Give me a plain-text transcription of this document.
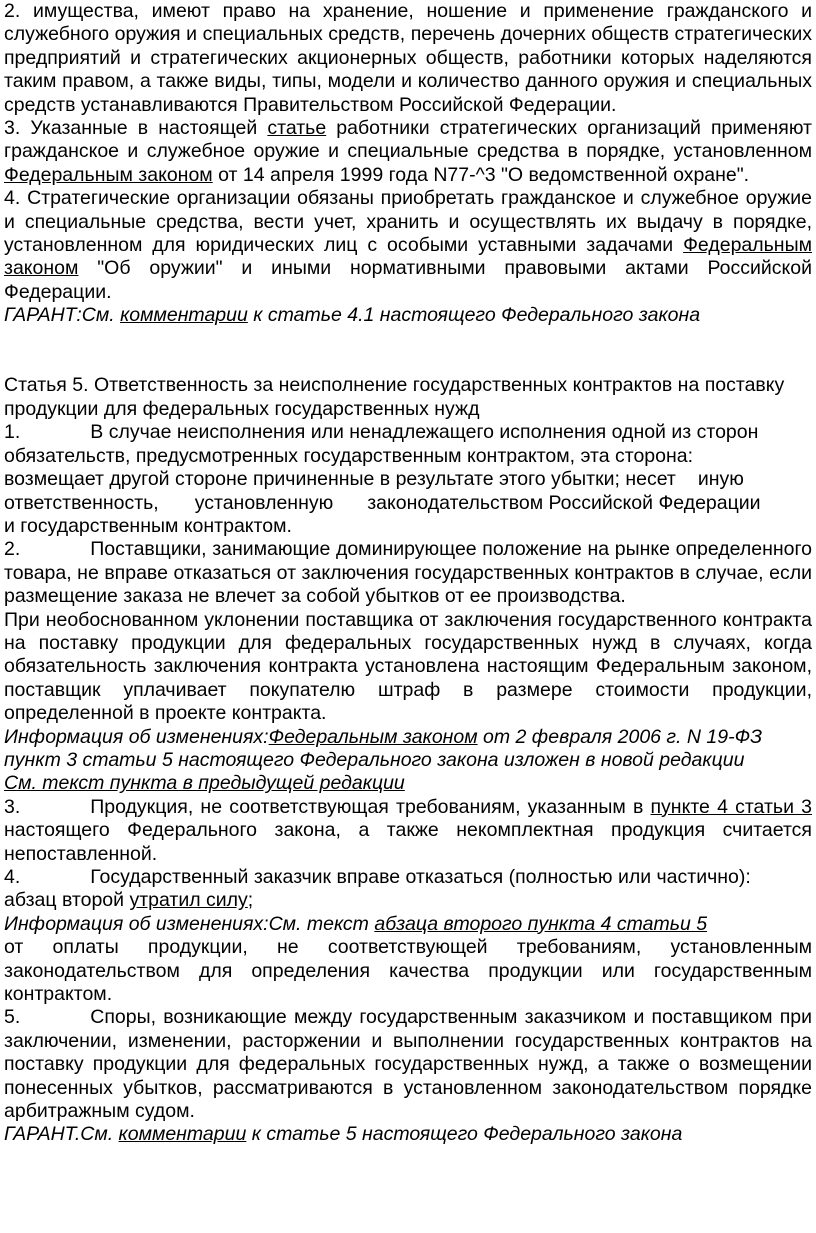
2. имущества, имеют право на хранение, ношение и применение гражданского и служебного оружия и специальных средств, перечень дочерних обществ стратегических предприятий и стратегических акционерных обществ, работники которых наделяются таким правом, а также виды, типы, модели и количество данного оружия и специальных средств устанавливаются Правительством Российской Федерации.

3. Указанные в настоящей статье работники стратегических организаций применяют гражданское и служебное оружие и специальные средства в порядке, установленном Федеральным законом от 14 апреля 1999 года N77-^3 "О ведомственной охране".

4. Стратегические организации обязаны приобретать гражданское и служебное оружие и специальные средства, вести учет, хранить и осуществлять их выдачу в порядке, установленном для юридических лиц с особыми уставными задачами Федеральным законом "Об оружии" и иными нормативными правовыми актами Российской Федерации.

ГАРАНТ:См. комментарии к статье 4.1 настоящего Федерального закона

Статья 5. Ответственность за неисполнение государственных контрактов на поставку продукции для федеральных государственных нужд

1.	В случае неисполнения или ненадлежащего исполнения одной из сторон обязательств, предусмотренных государственным контрактом, эта сторона:

возмещает другой стороне причиненные в результате этого убытки; несет иную

ответственность, установленную законодательством Российской Федерации

и государственным контрактом.

2.	Поставщики, занимающие доминирующее положение на рынке определенного товара, не вправе отказаться от заключения государственных контрактов в случае, если размещение заказа не влечет за собой убытков от ее производства.

При необоснованном уклонении поставщика от заключения государственного контракта на поставку продукции для федеральных государственных нужд в случаях, когда обязательность заключения контракта установлена настоящим Федеральным законом, поставщик уплачивает покупателю штраф в размере стоимости продукции, определенной в проекте контракта.

Информация об изменениях:Федеральным законом от 2 февраля 2006 г. N 19-ФЗ пункт 3 статьи 5 настоящего Федерального закона изложен в новой редакции
См. текст пункта в предыдущей редакции

3.	Продукция, не соответствующая требованиям, указанным в пункте 4 статьи 3 настоящего Федерального закона, а также некомплектная продукция считается непоставленной.

4.	Государственный заказчик вправе отказаться (полностью или частично):

абзац второй утратил силу;

Информация об изменениях:См. текст абзаца второго пункта 4 статьи 5

от оплаты продукции, не соответствующей требованиям, установленным законодательством для определения качества продукции или государственным контрактом.

5.	Споры, возникающие между государственным заказчиком и поставщиком при заключении, изменении, расторжении и выполнении государственных контрактов на поставку продукции для федеральных государственных нужд, а также о возмещении понесенных убытков, рассматриваются в установленном законодательством порядке арбитражным судом.

ГАРАНТ.См. комментарии к статье 5 настоящего Федерального закона
